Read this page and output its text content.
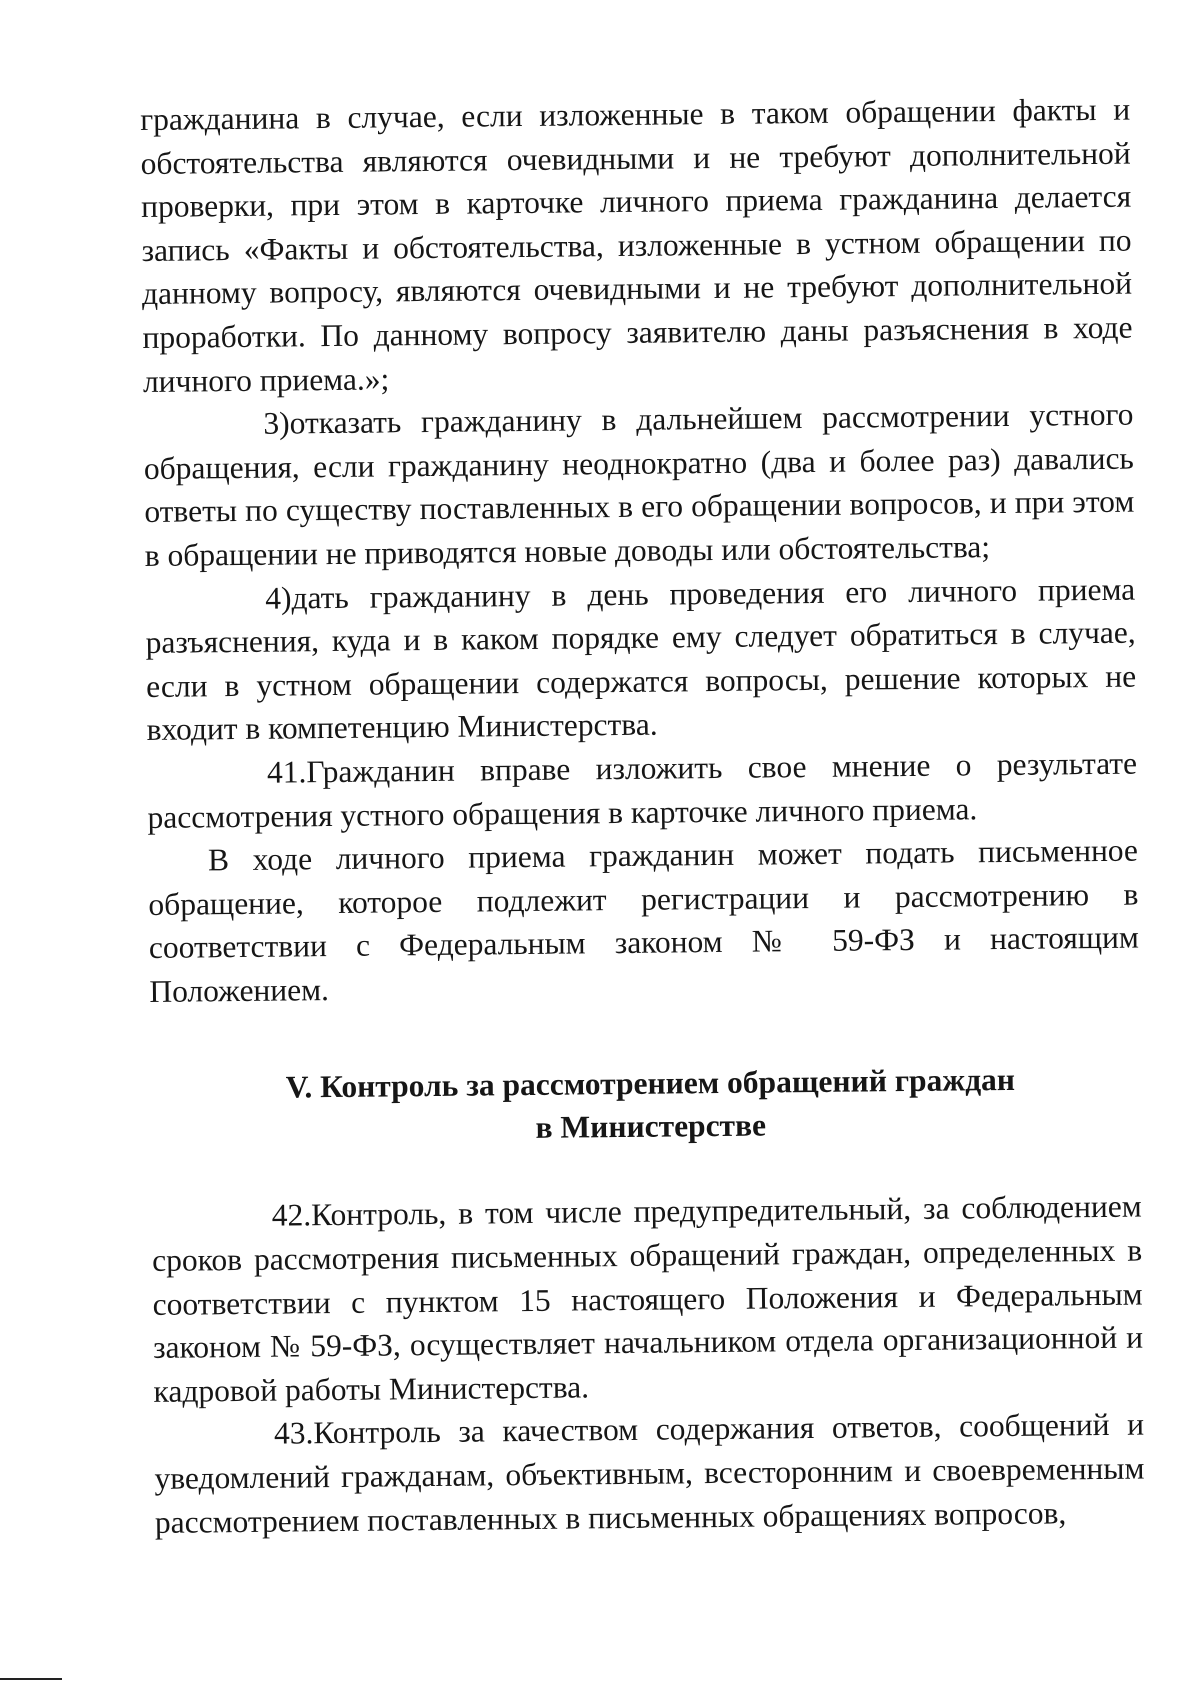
гражданина в случае, если изложенные в таком обращении факты и обстоятельства являются очевидными и не требуют дополнительной проверки, при этом в карточке личного приема гражданина делается запись «Факты и обстоятельства, изложенные в устном обращении по данному вопросу, являются очевидными и не требуют дополнительной проработки. По данному вопросу заявителю даны разъяснения в ходе личного приема.»;

3)отказать гражданину в дальнейшем рассмотрении устного обращения, если гражданину неоднократно (два и более раз) давались ответы по существу поставленных в его обращении вопросов, и при этом в обращении не приводятся новые доводы или обстоятельства;

4)дать гражданину в день проведения его личного приема разъяснения, куда и в каком порядке ему следует обратиться в случае, если в устном обращении содержатся вопросы, решение которых не входит в компетенцию Министерства.

41.Гражданин вправе изложить свое мнение о результате рассмотрения устного обращения в карточке личного приема.

В ходе личного приема гражданин может подать письменное обращение, которое подлежит регистрации и рассмотрению в соответствии с Федеральным законом № 59-ФЗ и настоящим Положением.

V. Контроль за рассмотрением обращений граждан
в Министерстве

42.Контроль, в том числе предупредительный, за соблюдением сроков рассмотрения письменных обращений граждан, определенных в соответствии с пунктом 15 настоящего Положения и Федеральным законом № 59-ФЗ, осуществляет начальником отдела организационной и кадровой работы Министерства.

43.Контроль за качеством содержания ответов, сообщений и уведомлений гражданам, объективным, всесторонним и своевременным рассмотрением поставленных в письменных обращениях вопросов,
